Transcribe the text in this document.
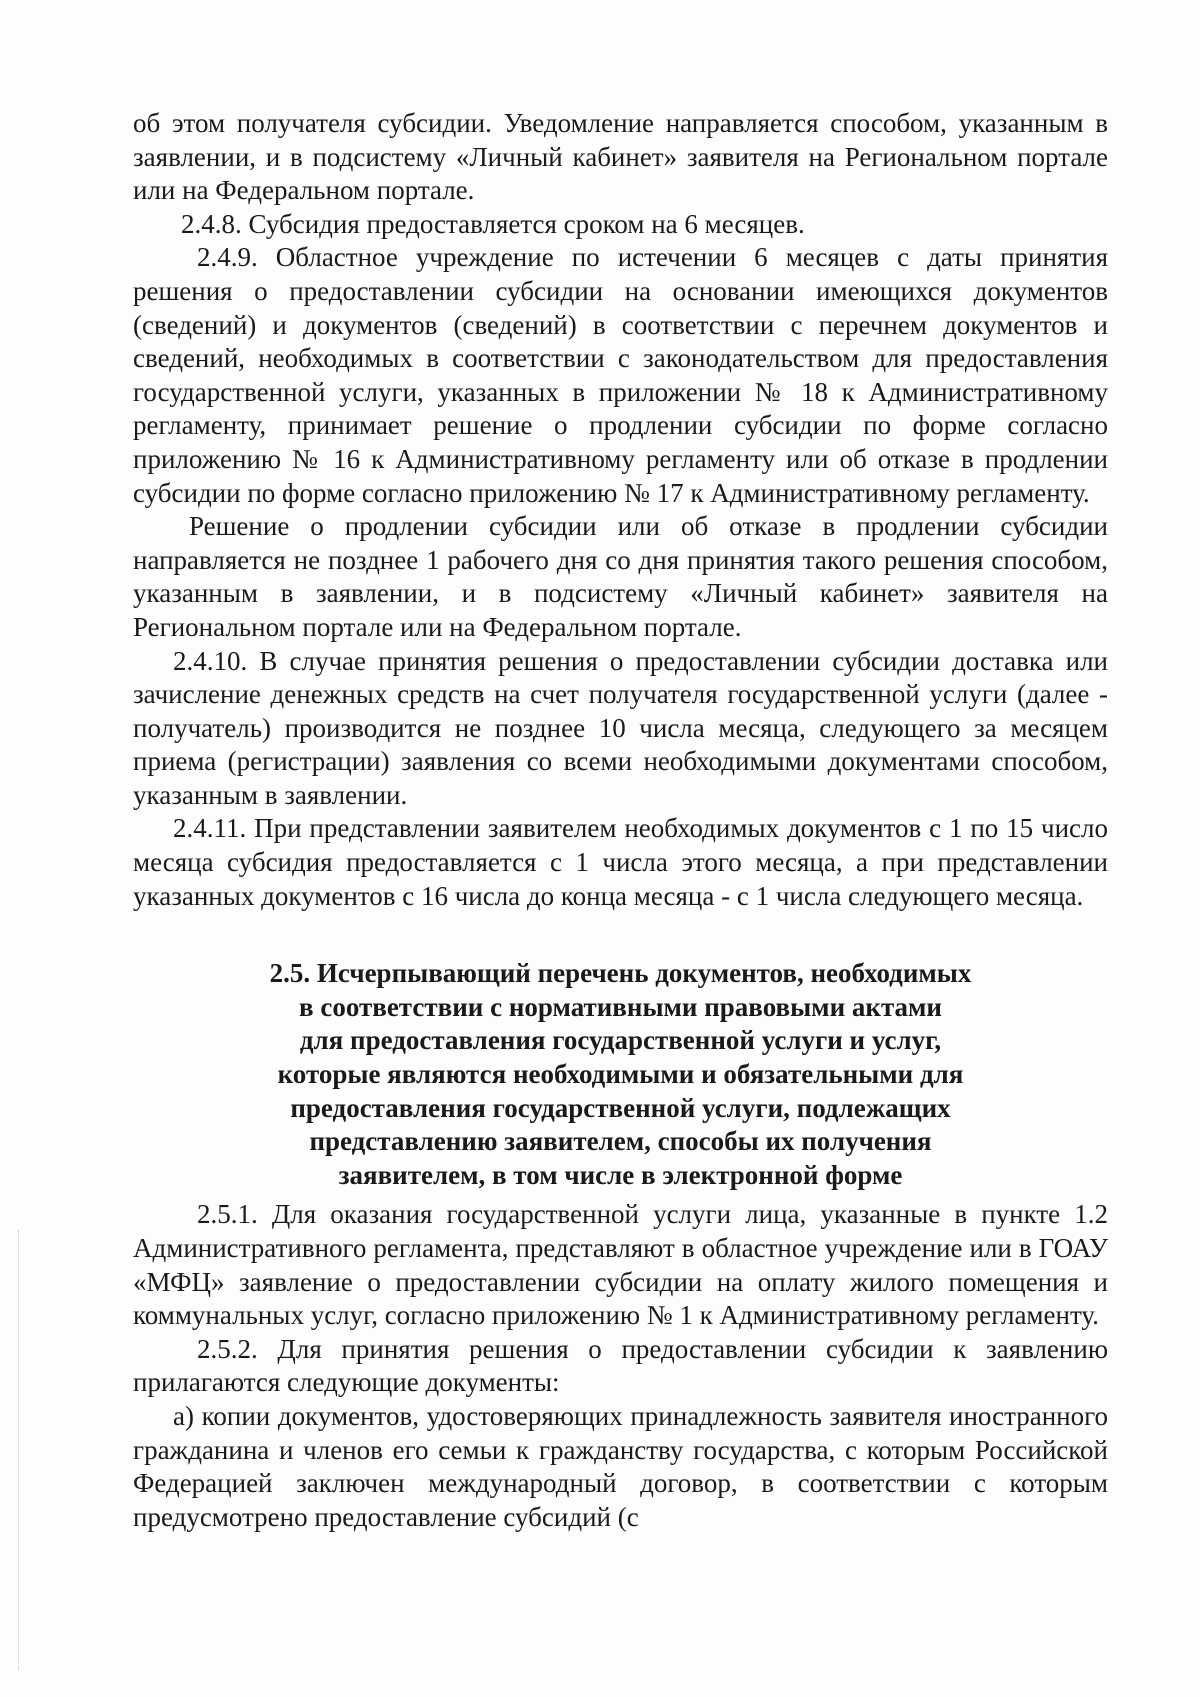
об этом получателя субсидии. Уведомление направляется способом, указанным в заявлении, и в подсистему «Личный кабинет» заявителя на Региональном портале или на Федеральном портале.

2.4.8. Субсидия предоставляется сроком на 6 месяцев.

2.4.9. Областное учреждение по истечении 6 месяцев с даты принятия решения о предоставлении субсидии на основании имеющихся документов (сведений) и документов (сведений) в соответствии с перечнем документов и сведений, необходимых в соответствии с законодательством для предоставления государственной услуги, указанных в приложении № 18 к Административному регламенту, принимает решение о продлении субсидии по форме согласно приложению № 16 к Административному регламенту или об отказе в продлении субсидии по форме согласно приложению № 17 к Административному регламенту.

Решение о продлении субсидии или об отказе в продлении субсидии направляется не позднее 1 рабочего дня со дня принятия такого решения способом, указанным в заявлении, и в подсистему «Личный кабинет» заявителя на Региональном портале или на Федеральном портале.

2.4.10. В случае принятия решения о предоставлении субсидии доставка или зачисление денежных средств на счет получателя государственной услуги (далее - получатель) производится не позднее 10 числа месяца, следующего за месяцем приема (регистрации) заявления со всеми необходимыми документами способом, указанным в заявлении.

2.4.11. При представлении заявителем необходимых документов с 1 по 15 число месяца субсидия предоставляется с 1 числа этого месяца, а при представлении указанных документов с 16 числа до конца месяца - с 1 числа следующего месяца.

2.5. Исчерпывающий перечень документов, необходимых
в соответствии с нормативными правовыми актами
для предоставления государственной услуги и услуг,
которые являются необходимыми и обязательными для
предоставления государственной услуги, подлежащих
представлению заявителем, способы их получения
заявителем, в том числе в электронной форме

2.5.1. Для оказания государственной услуги лица, указанные в пункте 1.2 Административного регламента, представляют в областное учреждение или в ГОАУ «МФЦ» заявление о предоставлении субсидии на оплату жилого помещения и коммунальных услуг, согласно приложению № 1 к Административному регламенту.

2.5.2. Для принятия решения о предоставлении субсидии к заявлению прилагаются следующие документы:

а) копии документов, удостоверяющих принадлежность заявителя иностранного гражданина и членов его семьи к гражданству государства, с которым Российской Федерацией заключен международный договор, в соответствии с которым предусмотрено предоставление субсидий (с
